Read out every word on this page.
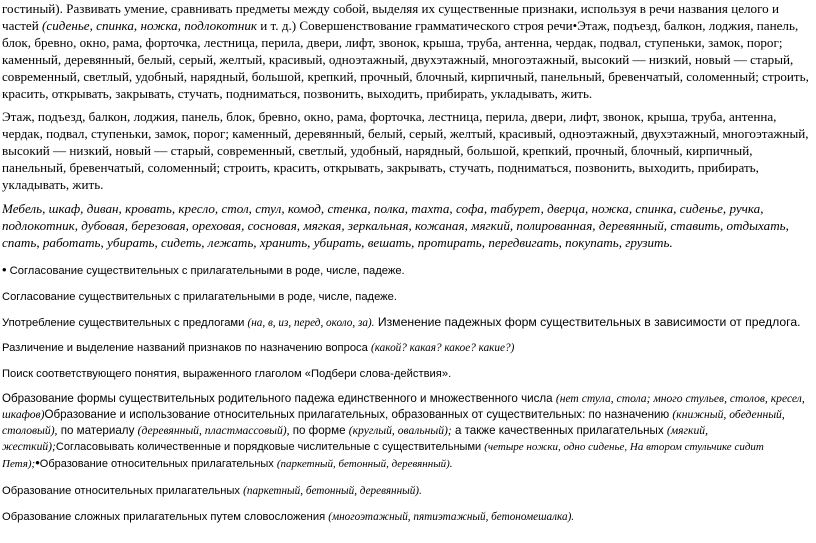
гостиный). Развивать умение, сравнивать предметы между собой, выделяя их существенные признаки, используя в речи названия целого и частей (сиденье, спинка, ножка, подлокотник и т. д.) Совершенствование грамматического строя речи•Этаж, подъезд, балкон, лоджия, панель, блок, бревно, окно, рама, форточка, лестница, перила, двери, лифт, звонок, крыша, труба, антенна, чердак, подвал, ступеньки, замок, порог; каменный, деревянный, белый, серый, желтый, красивый, одноэтажный, двухэтажный, многоэтажный, высокий — низкий, новый — старый, современный, светлый, удобный, нарядный, большой, крепкий, прочный, блочный, кирпичный, панельный, бревенчатый, соломенный; строить, красить, открывать, закрывать, стучать, подниматься, позвонить, выходить, прибирать, укладывать, жить.

Этаж, подъезд, балкон, лоджия, панель, блок, бревно, окно, рама, форточка, лестница, перила, двери, лифт, звонок, крыша, труба, антенна, чердак, подвал, ступеньки, замок, порог; каменный, деревянный, белый, серый, желтый, красивый, одноэтажный, двухэтажный, многоэтажный, высокий — низкий, новый — старый, современный, светлый, удобный, нарядный, большой, крепкий, прочный, блочный, кирпичный, панельный, бревенчатый, соломенный; строить, красить, открывать, закрывать, стучать, подниматься, позвонить, выходить, прибирать, укладывать, жить.

Мебель, шкаф, диван, кровать, кресло, стол, стул, комод, стенка, полка, тахта, софа, табурет, дверца, ножка, спинка, сиденье, ручка, подлокотник, дубовая, березовая, ореховая, сосновая, мягкая, зеркальная, кожаная, мягкий, полированная, деревянный, ставить, отдыхать, спать, работать, убирать, сидеть, лежать, хранить, убирать, вешать, протирать, передвигать, покупать, грузить.

• Согласование существительных с прилагательными в роде, числе, падеже.

Согласование существительных с прилагательными в роде, числе, падеже.

Употребление существительных с предлогами (на, в, из, перед, около, за). Изменение падежных форм существительных в зависимости от предлога.

Различение и выделение названий признаков по назначению вопроса (какой? какая? какое? какие?)

Поиск соответствующего понятия, выраженного глаголом «Подбери слова-действия».

Образование формы существительных родительного падежа единственного и множественного числа (нет стула, стола; много стульев, столов, кресел, шкафов)Образование и использование относительных прилагательных, образованных от существительных: по назначению (книжный, обеденный, столовый), по материалу (деревянный, пластмассовый), по форме (круглый, овальный); а также качественных прилагательных (мягкий, жесткий);Согласовывать количественные и порядковые числительные с существительными (четыре ножки, одно сиденье, На втором стульчике сидит Петя);•Образование относительных прилагательных (паркетный, бетонный, деревянный).

Образование относительных прилагательных (паркетный, бетонный, деревянный).

Образование сложных прилагательных путем словосложения (многоэтажный, пятиэтажный, бетономешалка).
